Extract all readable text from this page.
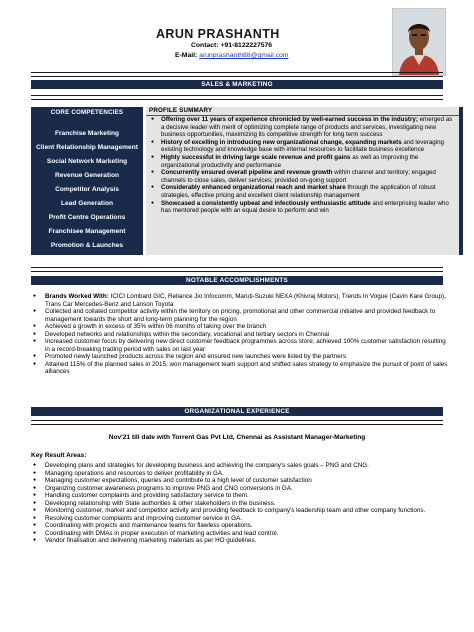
ARUN PRASHANTH
Contact: +91-8122227576
E-Mail: arunprashanth88@gmail.com
SALES & MARKETING
CORE COMPETENCIES
Franchise Marketing
Client Relationship Management
Social Network Marketing
Revenue Generation
Competitor Analysis
Lead Generation
Profit Centre Operations
Franchisee Management
Promotion & Launches
PROFILE SUMMARY
● Offering over 11 years of experience chronicled by well-earned success in the industry; emerged as a decisive leader with merit of optimizing complete range of products and services, investigating new business opportunities, maximizing its competitive strength for long term success
● History of excelling in introducing new organizational change, expanding markets and leveraging existing technology and knowledge base with internal resources to facilitate business excellence
● Highly successful in driving large scale revenue and profit gains as well as improving the organizational productivity and performance
● Concurrently ensured overall pipeline and revenue growth within channel and territory; engaged channels to close sales, deliver services; provided on-going support
● Considerably enhanced organizational reach and market share through the application of robust strategies, effective pricing and excellent client relationship management
● Showcased a consistently upbeat and infectiously enthusiastic attitude and enterprising leader who has mentored people with an equal desire to perform and win
NOTABLE ACCOMPLISHMENTS
● Brands Worked With: ICICI Lombard GIC, Reliance Jio Infocomm, Maruti-Suzuki NEXA (Khivraj Motors), Trends In Vogue (Cavin Kare Group), Trans Car Mercedes-Benz and Lanson Toyota
● Collected and collated competitor activity within the territory on pricing, promotional and other commercial initiative and provided feedback to management towards the short and long-term planning for the region
● Achieved a growth in excess of 35% within 06 months of taking over the branch
● Developed networks and relationships within the secondary, vocational and tertiary sectors in Chennai
● Increased customer focus by delivering new direct customer feedback programmes across store; achieved 100% customer satisfaction resulting in a record-breaking trading period with sales on last year
● Promoted newly launched products across the region and ensured new launches were listed by the partners
● Attained 115% of the planned sales in 2015; won management team support and shifted sales strategy to emphasize the pursuit of point of sales alliances
ORGANIZATIONAL EXPERIENCE
Nov'21 till date with Torrent Gas Pvt Ltd, Chennai as Assistant Manager-Marketing
Key Result Areas:
● Developing plans and strategies for developing business and achieving the company's sales goals – PNG and CNG.
● Managing operations and resources to deliver profitability in GA.
● Managing customer expectations, queries and contribute to a high level of customer satisfaction
● Organizing customer awareness programs to improve PNG and CNG conversions in GA.
● Handling customer complaints and providing satisfactory service to them.
● Developing relationship with State authorities & other stakeholders in the business.
● Monitoring customer, market and competitor activity and providing feedback to company's leadership team and other company functions.
● Resolving customer complaints and improving customer service in GA.
● Coordinating with projects and maintenance teams for flawless operations.
● Coordinating with DMAs in proper execution of marketing activities and lead control.
● Vendor finalisation and delivering marketing materials as per HO guidelines.
